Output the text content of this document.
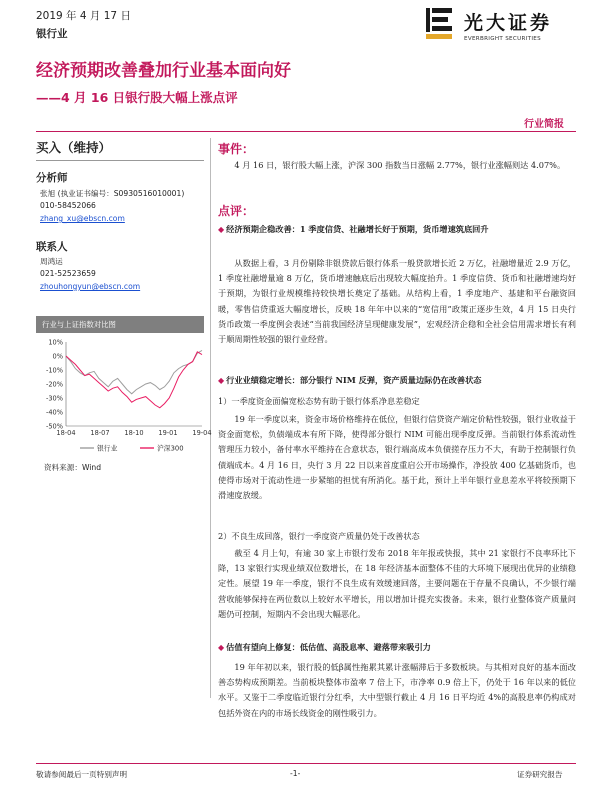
2019 年 4 月 17 日
银行业	光大证券
EVERBRIGHT SECURITIES
经济预期改善叠加行业基本面向好
——4 月 16 日银行股大幅上涨点评
行业简报
买入（维持）
分析师
张旭 (执业证书编号：S0930516010001)
010-58452066
zhang_xu@ebscn.com
联系人
周鸿运
021-52523659
zhouhongyun@ebscn.com
行业与上证指数对比图
10%
0%
-10%
-20%
-30%
-40%
-50%
18-04 18-07 18-10 19-01 19-04
银行业	沪深300
资料来源：Wind
事件：
4 月 16 日，银行股大幅上涨，沪深 300 指数当日涨幅 2.77%，银行业涨幅则达 4.07%。
点评：
◆ 经济预期企稳改善：1 季度信贷、社融增长好于预期，货币增速筑底回升
从数据上看，3 月份剔除非银贷款后银行体系一般贷款增长近 2 万亿，社融增量近 2.9 万亿，1 季度社融增量逾 8 万亿，货币增速触底后出现较大幅度抬升。1 季度信贷、货币和社融增速均好于预期，为银行业规模维持较快增长奠定了基础。从结构上看，1 季度地产、基建和平台融资回暖，零售信贷重返大幅度增长，反映 18 年年中以来的“宽信用”政策正逐步生效，4 月 15 日央行货币政策一季度例会表述“当前我国经济呈现健康发展”，宏观经济企稳和全社会信用需求增长有利于顺周期性较强的银行业经营。
◆ 行业业绩稳定增长：部分银行 NIM 反弹，资产质量边际仍在改善状态
1）一季度资金面偏宽松态势有助于银行体系净息差稳定
19 年一季度以来，资金市场价格维持在低位，但银行信贷资产端定价粘性较强，银行业收益于资金面宽松，负债端成本有所下降，使得部分银行 NIM 可能出现季度反弹。当前银行体系流动性管理压力较小，备付率水平维持在合意状态，银行端高成本负债搓存压力不大，有助于控制银行负债端成本。4 月 16 日，央行 3 月 22 日以来首度重启公开市场操作，净投放 400 亿基础货币，也使得市场对于流动性进一步紧缩的担忧有所消化。基于此，预计上半年银行业息差水平将较预期下滑速度放缓。
2）不良生成回落，银行一季度资产质量仍处于改善状态
截至 4 月上旬，有逾 30 家上市银行发布 2018 年年报或快报，其中 21 家银行不良率环比下降，13 家银行实现业绩双位数增长，在 18 年经济基本面整体不佳的大环境下展现出优异的业绩稳定性。展望 19 年一季度，银行不良生成有效缓速回落，主要问题在于存量不良确认，不少银行端营收能够保持在两位数以上较好水平增长，用以增加计提充实拨备。未来，银行业整体资产质量问题仍可控制，短期内不会出现大幅恶化。
◆ 估值有望向上修复：低估值、高股息率、避落带来吸引力
19 年年初以来，银行股的低β属性拖累其累计涨幅滞后于多数板块。与其相对良好的基本面改善态势构成预期差。当前板块整体市盈率 7 倍上下，市净率 0.9 倍上下，仍处于 16 年以来的低位水平。又鉴于二季度临近银行分红季，大中型银行截止 4 月 16 日平均近 4%的高股息率仍构成对包括外资在内的市场长线资金的刚性吸引力。
敬请参阅最后一页特别声明	-1-	证券研究报告
